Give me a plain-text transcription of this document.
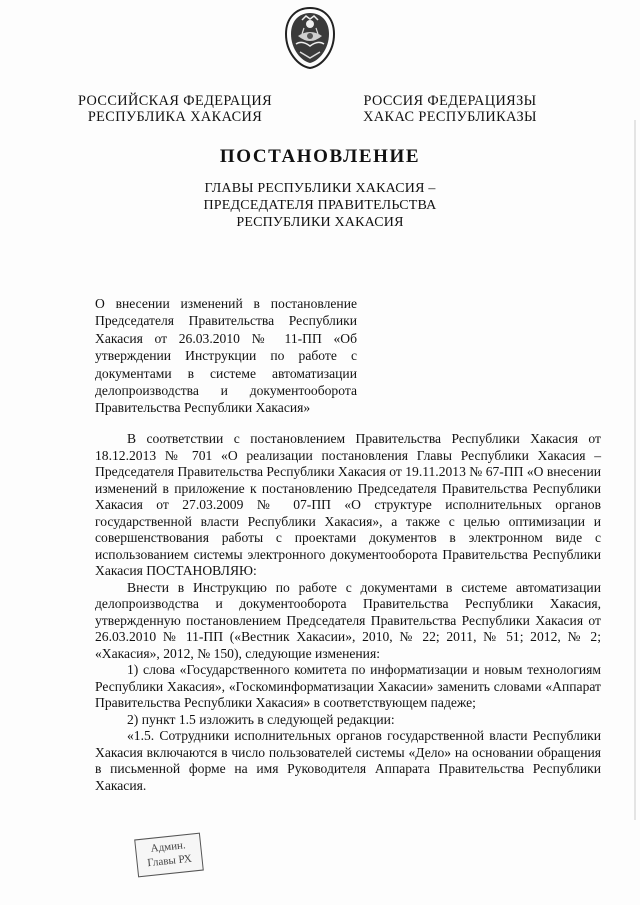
РОССИЙСКАЯ ФЕДЕРАЦИЯ
РЕСПУБЛИКА ХАКАСИЯ
РОССИЯ ФЕДЕРАЦИЯЗЫ
ХАКАС РЕСПУБЛИКАЗЫ
ПОСТАНОВЛЕНИЕ
ГЛАВЫ РЕСПУБЛИКИ ХАКАСИЯ –
ПРЕДСЕДАТЕЛЯ ПРАВИТЕЛЬСТВА
РЕСПУБЛИКИ ХАКАСИЯ
О внесении изменений в постановление Председателя Правительства Республики Хакасия от 26.03.2010 № 11-ПП «Об утверждении Инструкции по работе с документами в системе автоматизации делопроизводства и документооборота Правительства Республики Хакасия»

В соответствии с постановлением Правительства Республики Хакасия от 18.12.2013 № 701 «О реализации постановления Главы Республики Хакасия – Председателя Правительства Республики Хакасия от 19.11.2013 № 67-ПП «О внесении изменений в приложение к постановлению Председателя Правительства Республики Хакасия от 27.03.2009 № 07-ПП «О структуре исполнительных органов государственной власти Республики Хакасия», а также с целью оптимизации и совершенствования работы с проектами документов в электронном виде с использованием системы электронного документооборота Правительства Республики Хакасия ПОСТАНОВЛЯЮ:

Внести в Инструкцию по работе с документами в системе автоматизации делопроизводства и документооборота Правительства Республики Хакасия, утвержденную постановлением Председателя Правительства Республики Хакасия от 26.03.2010 № 11-ПП («Вестник Хакасии», 2010, № 22; 2011, № 51; 2012, № 2; «Хакасия», 2012, № 150), следующие изменения:

1) слова «Государственного комитета по информатизации и новым технологиям Республики Хакасия», «Госкоминформатизации Хакасии» заменить словами «Аппарат Правительства Республики Хакасия» в соответствующем падеже;

2) пункт 1.5 изложить в следующей редакции:

«1.5. Сотрудники исполнительных органов государственной власти Республики Хакасия включаются в число пользователей системы «Дело» на основании обращения в письменной форме на имя Руководителя Аппарата Правительства Республики Хакасия.

Админ.
Главы РХ
